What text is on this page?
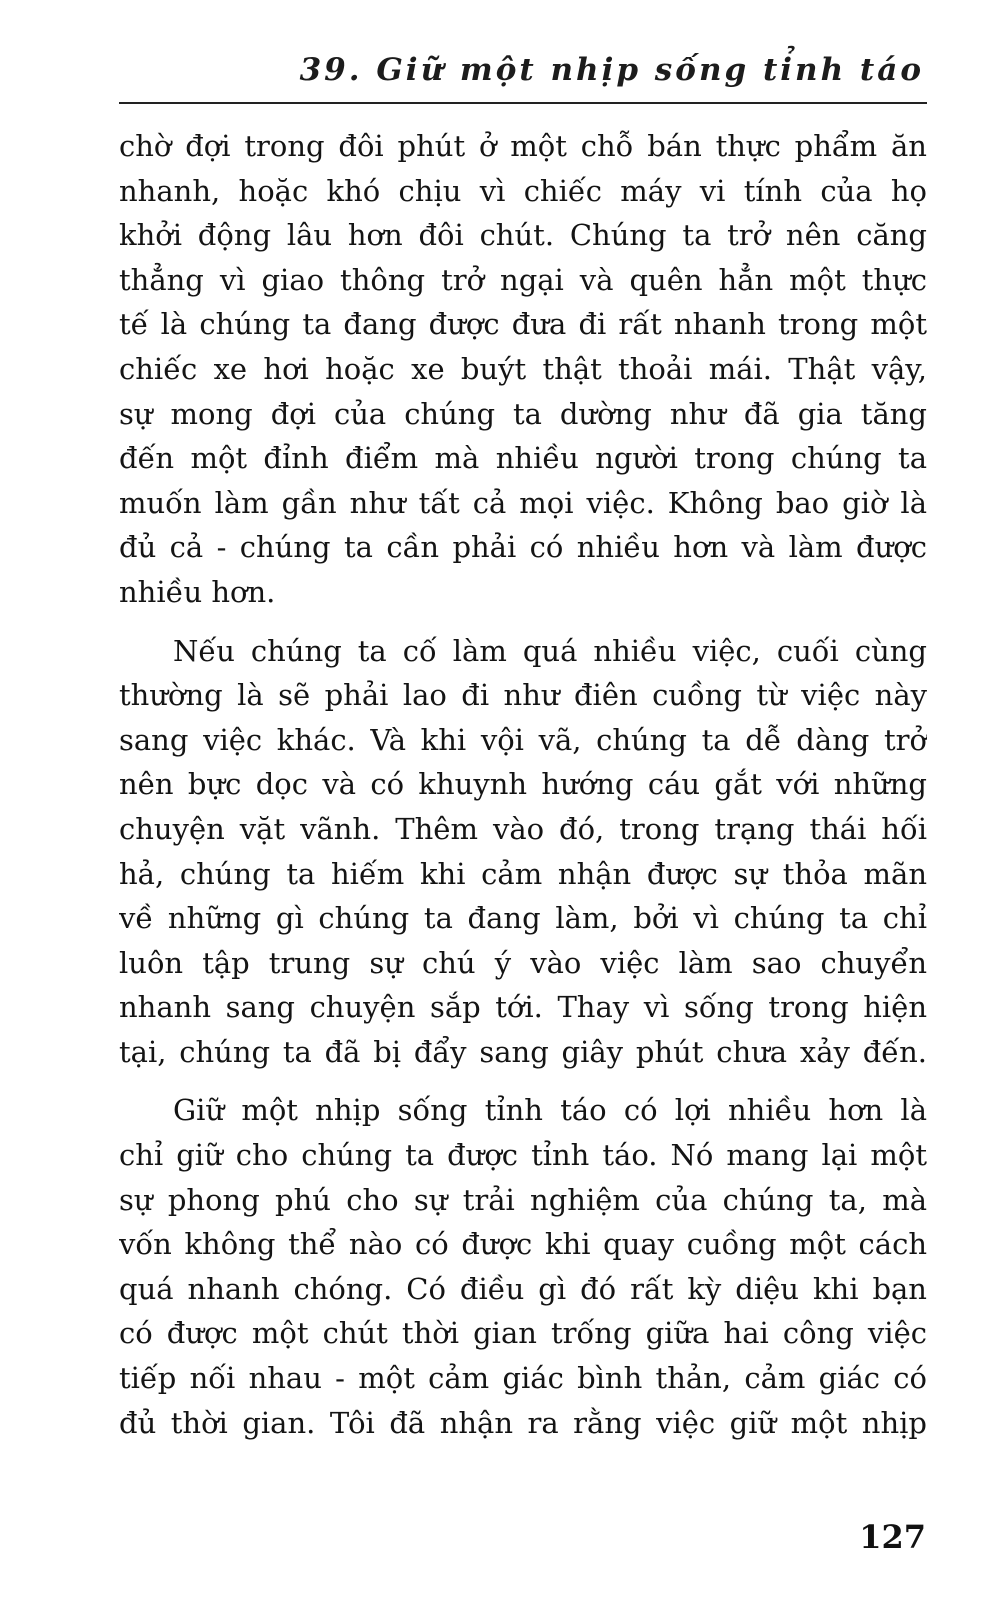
39. Giữ một nhịp sống tỉnh táo

chờ đợi trong đôi phút ở một chỗ bán thực phẩm ăn
nhanh, hoặc khó chịu vì chiếc máy vi tính của họ
khởi động lâu hơn đôi chút. Chúng ta trở nên căng
thẳng vì giao thông trở ngại và quên hẳn một thực
tế là chúng ta đang được đưa đi rất nhanh trong một
chiếc xe hơi hoặc xe buýt thật thoải mái. Thật vậy,
sự mong đợi của chúng ta dường như đã gia tăng
đến một đỉnh điểm mà nhiều người trong chúng ta
muốn làm gần như tất cả mọi việc. Không bao giờ là
đủ cả - chúng ta cần phải có nhiều hơn và làm được
nhiều hơn.

Nếu chúng ta cố làm quá nhiều việc, cuối cùng
thường là sẽ phải lao đi như điên cuồng từ việc này
sang việc khác. Và khi vội vã, chúng ta dễ dàng trở
nên bực dọc và có khuynh hướng cáu gắt với những
chuyện vặt vãnh. Thêm vào đó, trong trạng thái hối
hả, chúng ta hiếm khi cảm nhận được sự thỏa mãn
về những gì chúng ta đang làm, bởi vì chúng ta chỉ
luôn tập trung sự chú ý vào việc làm sao chuyển
nhanh sang chuyện sắp tới. Thay vì sống trong hiện
tại, chúng ta đã bị đẩy sang giây phút chưa xảy đến.

Giữ một nhịp sống tỉnh táo có lợi nhiều hơn là
chỉ giữ cho chúng ta được tỉnh táo. Nó mang lại một
sự phong phú cho sự trải nghiệm của chúng ta, mà
vốn không thể nào có được khi quay cuồng một cách
quá nhanh chóng. Có điều gì đó rất kỳ diệu khi bạn
có được một chút thời gian trống giữa hai công việc
tiếp nối nhau - một cảm giác bình thản, cảm giác có
đủ thời gian. Tôi đã nhận ra rằng việc giữ một nhịp

127
